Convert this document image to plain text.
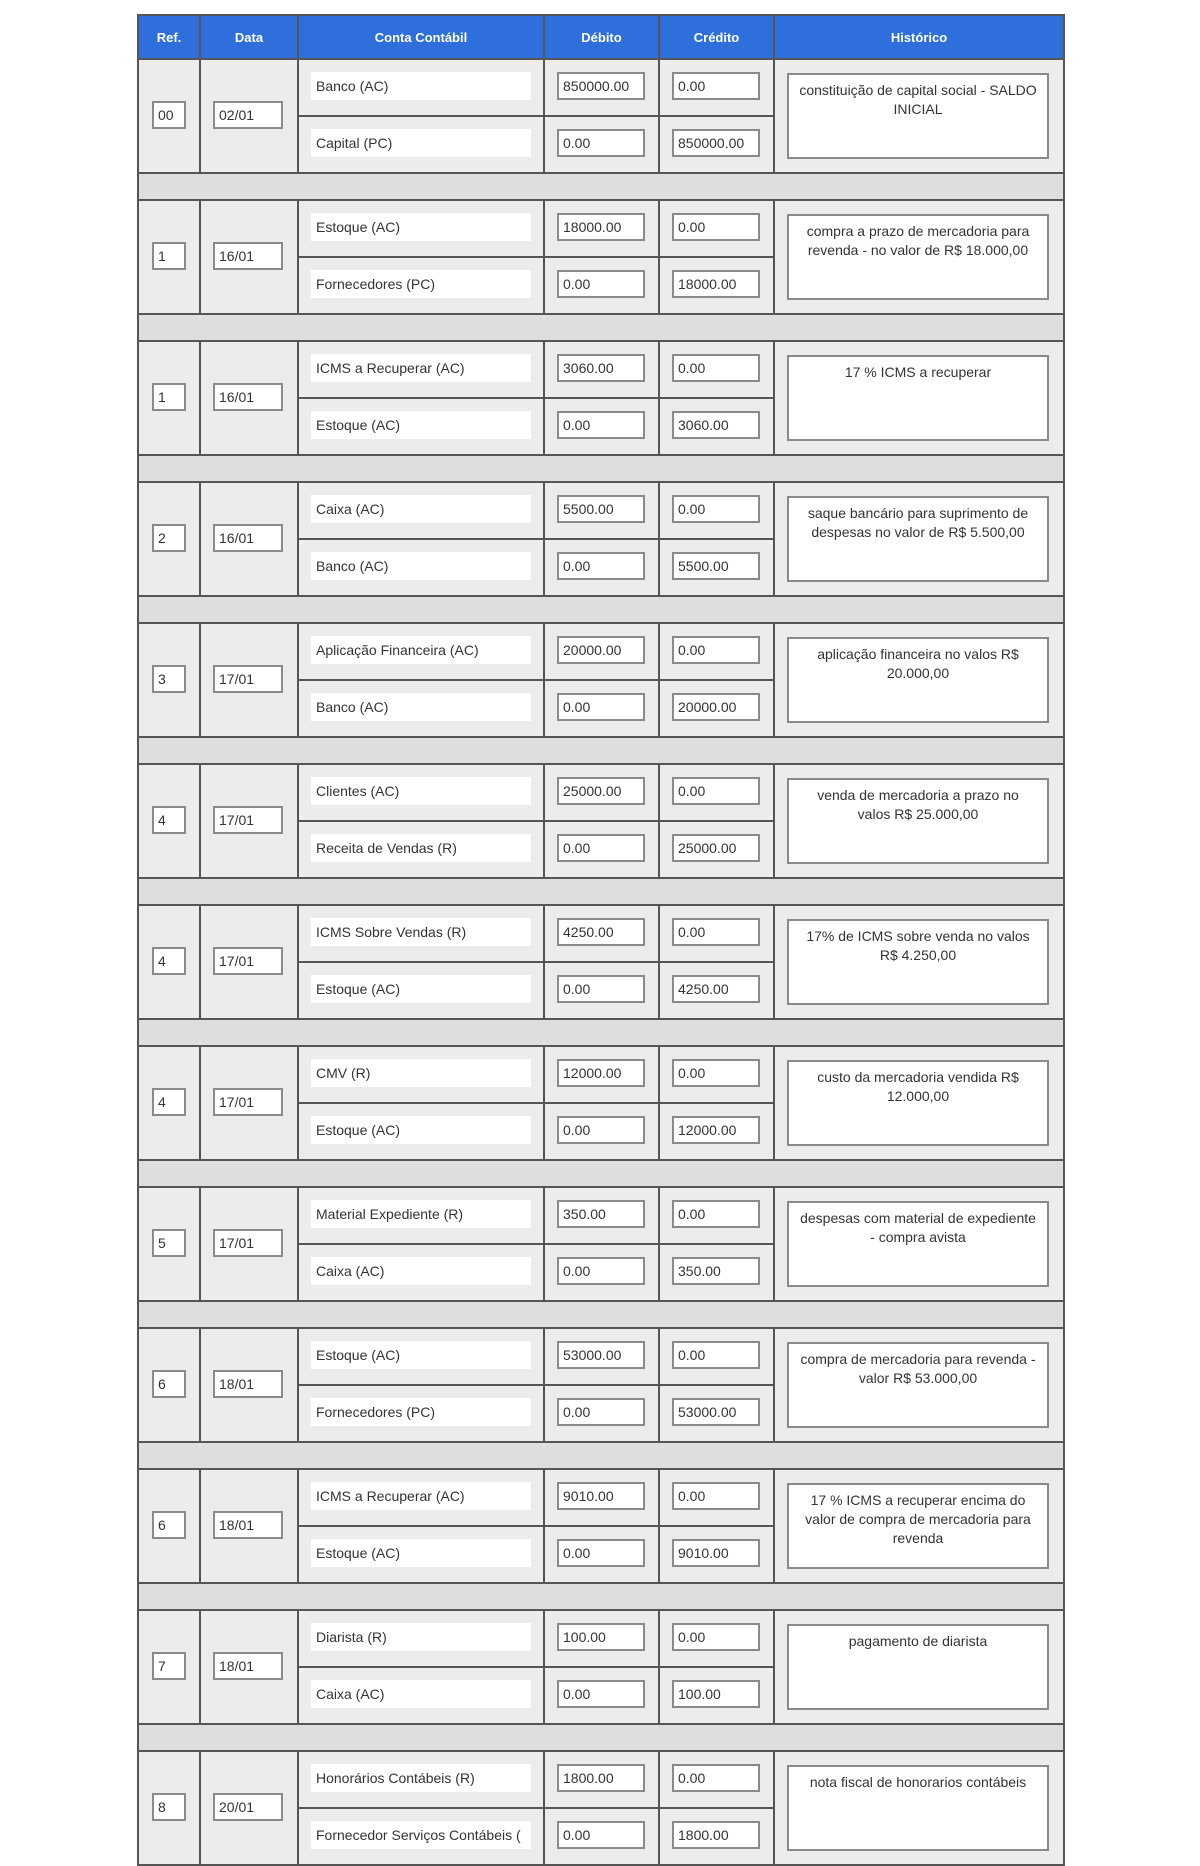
Ref.	Data	Conta Contábil	Débito	Crédito	Histórico
00	02/01	Banco (AC)	850000.00	0.00	constituição de capital social - SALDO INICIAL

		Capital (PC)	0.00	850000.00	

1	16/01	Estoque (AC)	18000.00	0.00	compra a prazo de mercadoria para revenda - no valor de R$ 18.000,00

		Fornecedores (PC)	0.00	18000.00	

1	16/01	ICMS a Recuperar (AC)	3060.00	0.00	17 % ICMS a recuperar

		Estoque (AC)	0.00	3060.00	

2	16/01	Caixa (AC)	5500.00	0.00	saque bancário para suprimento de despesas no valor de R$ 5.500,00

		Banco (AC)	0.00	5500.00	

3	17/01	Aplicação Financeira (AC)	20000.00	0.00	aplicação financeira no valos R$ 20.000,00

		Banco (AC)	0.00	20000.00	

4	17/01	Clientes (AC)	25000.00	0.00	venda de mercadoria a prazo no valos R$ 25.000,00

		Receita de Vendas (R)	0.00	25000.00	

4	17/01	ICMS Sobre Vendas (R)	4250.00	0.00	17% de ICMS sobre venda no valos R$ 4.250,00

		Estoque (AC)	0.00	4250.00	

4	17/01	CMV (R)	12000.00	0.00	custo da mercadoria vendida R$ 12.000,00

		Estoque (AC)	0.00	12000.00	

5	17/01	Material Expediente (R)	350.00	0.00	despesas com material de expediente - compra avista

		Caixa (AC)	0.00	350.00	

6	18/01	Estoque (AC)	53000.00	0.00	compra de mercadoria para revenda - valor R$ 53.000,00

		Fornecedores (PC)	0.00	53000.00	

6	18/01	ICMS a Recuperar (AC)	9010.00	0.00	17 % ICMS a recuperar encima do valor de compra de mercadoria para revenda

		Estoque (AC)	0.00	9010.00	

7	18/01	Diarista (R)	100.00	0.00	pagamento de diarista

		Caixa (AC)	0.00	100.00	

8	20/01	Honorários Contábeis (R)	1800.00	0.00	nota fiscal de honorarios contábeis

		Fornecedor Serviços Contábeis (	0.00	1800.00	
